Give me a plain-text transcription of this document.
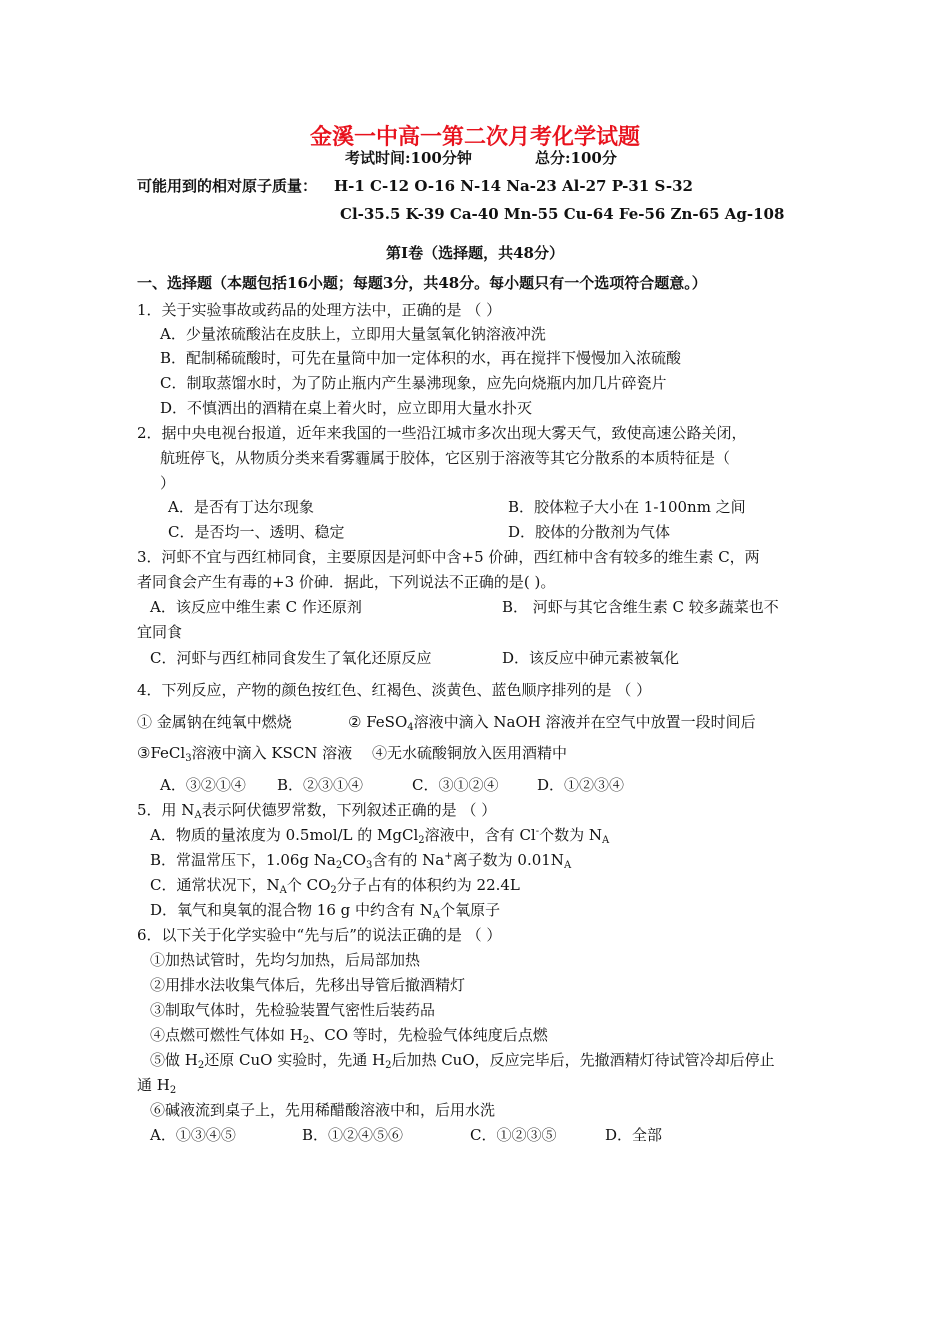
金溪一中高一第二次月考化学试题
考试时间:100分钟	总分:100分
可能用到的相对原子质量： H-1 C-12 O-16 N-14 Na-23 Al-27 P-31 S-32
Cl-35.5 K-39 Ca-40 Mn-55 Cu-64 Fe-56 Zn-65 Ag-108
第Ⅰ卷（选择题，共48分）
一、选择题（本题包括16小题；每题3分，共48分。每小题只有一个选项符合题意。）
1．关于实验事故或药品的处理方法中，正确的是 （ ）
A．少量浓硫酸沾在皮肤上，立即用大量氢氧化钠溶液冲洗
B．配制稀硫酸时，可先在量筒中加一定体积的水，再在搅拌下慢慢加入浓硫酸
C．制取蒸馏水时，为了防止瓶内产生暴沸现象，应先向烧瓶内加几片碎瓷片
D．不慎洒出的酒精在桌上着火时，应立即用大量水扑灭
2．据中央电视台报道，近年来我国的一些沿江城市多次出现大雾天气，致使高速公路关闭，
航班停飞，从物质分类来看雾霾属于胶体，它区别于溶液等其它分散系的本质特征是（
）
A．是否有丁达尔现象	B．胶体粒子大小在 1-100nm 之间
C．是否均一、透明、稳定	D．胶体的分散剂为气体
3．河虾不宜与西红柿同食，主要原因是河虾中含+5 价砷，西红柿中含有较多的维生素 C，两
者同食会产生有毒的+3 价砷．据此，下列说法不正确的是( )。
A．该反应中维生素 C 作还原剂	B． 河虾与其它含维生素 C 较多蔬菜也不
宜同食
C．河虾与西红柿同食发生了氧化还原反应	D．该反应中砷元素被氧化
4．下列反应，产物的颜色按红色、红褐色、淡黄色、蓝色顺序排列的是 （ ）
① 金属钠在纯氧中燃烧	② FeSO$_4$溶液中滴入 NaOH 溶液并在空气中放置一段时间后
③FeCl$_3$溶液中滴入 KSCN 溶液 ④无水硫酸铜放入医用酒精中
A．③②①④ B．②③①④	C．③①②④	D．①②③④
5．用 $N_A$表示阿伏德罗常数，下列叙述正确的是 （ ）
A．物质的量浓度为 0.5mol/L 的 MgCl$_2$溶液中，含有 Cl-个数为 $N_A$
B．常温常压下，1.06g $Na_2CO_3$含有的 Na+离子数为 $0.01N_A$
C．通常状况下，$N_A$个 $CO_2$分子占有的体积约为 22.4L
D．氧气和臭氧的混合物 16 g 中约含有 $N_A$个氧原子
6．以下关于化学实验中“先与后”的说法正确的是 （ ）
①加热试管时，先均匀加热，后局部加热
②用排水法收集气体后，先移出导管后撤酒精灯
③制取气体时，先检验装置气密性后装药品
④点燃可燃性气体如 $H_2$、CO 等时，先检验气体纯度后点燃
⑤做 $H_2$还原 CuO 实验时，先通 $H_2$后加热 CuO，反应完毕后，先撤酒精灯待试管冷却后停止
通 $H_2$
⑥碱液流到桌子上，先用稀醋酸溶液中和，后用水洗
A．①③④⑤	B．①②④⑤⑥	C．①②③⑤	D．全部
